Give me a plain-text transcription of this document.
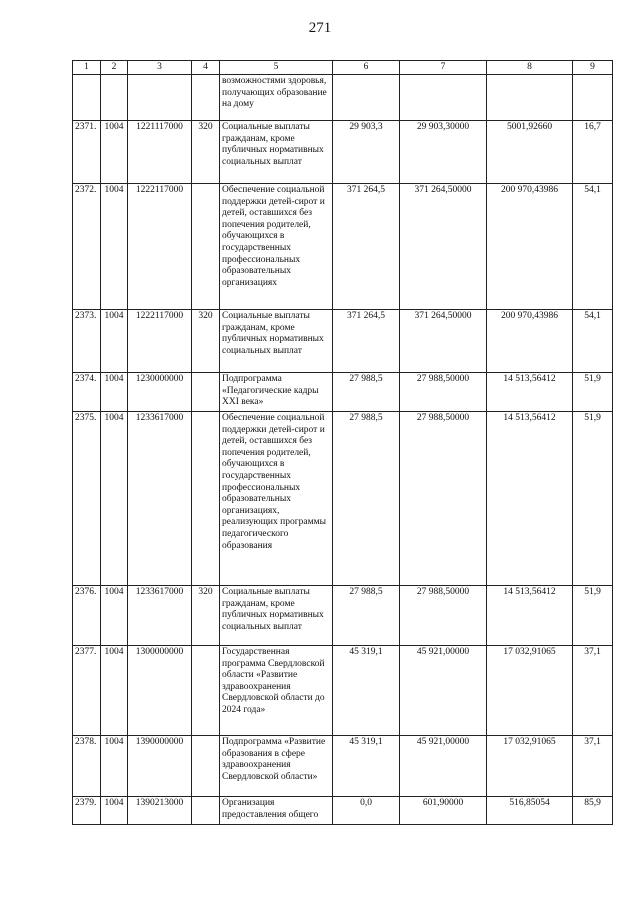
271
1	2	3	4	5	6	7	8	9
				возможностями здоровья, получающих образование на дому				
2371.	1004	1221117000	320	Социальные выплаты гражданам, кроме публичных нормативных социальных выплат	29 903,3	29 903,30000	5001,92660	16,7
2372.	1004	1222117000		Обеспечение социальной поддержки детей-сирот и детей, оставшихся без попечения родителей, обучающихся в государственных профессиональных образовательных организациях	371 264,5	371 264,50000	200 970,43986	54,1
2373.	1004	1222117000	320	Социальные выплаты гражданам, кроме публичных нормативных социальных выплат	371 264,5	371 264,50000	200 970,43986	54,1
2374.	1004	1230000000		Подпрограмма «Педагогические кадры XXI века»	27 988,5	27 988,50000	14 513,56412	51,9
2375.	1004	1233617000		Обеспечение социальной поддержки детей-сирот и детей, оставшихся без попечения родителей, обучающихся в государственных профессиональных образовательных организациях, реализующих программы педагогического образования	27 988,5	27 988,50000	14 513,56412	51,9
2376.	1004	1233617000	320	Социальные выплаты гражданам, кроме публичных нормативных социальных выплат	27 988,5	27 988,50000	14 513,56412	51,9
2377.	1004	1300000000		Государственная программа Свердловской области «Развитие здравоохранения Свердловской области до 2024 года»	45 319,1	45 921,00000	17 032,91065	37,1
2378.	1004	1390000000		Подпрограмма «Развитие образования в сфере здравоохранения Свердловской области»	45 319,1	45 921,00000	17 032,91065	37,1
2379.	1004	1390213000		Организация предоставления общего	0,0	601,90000	516,85054	85,9
